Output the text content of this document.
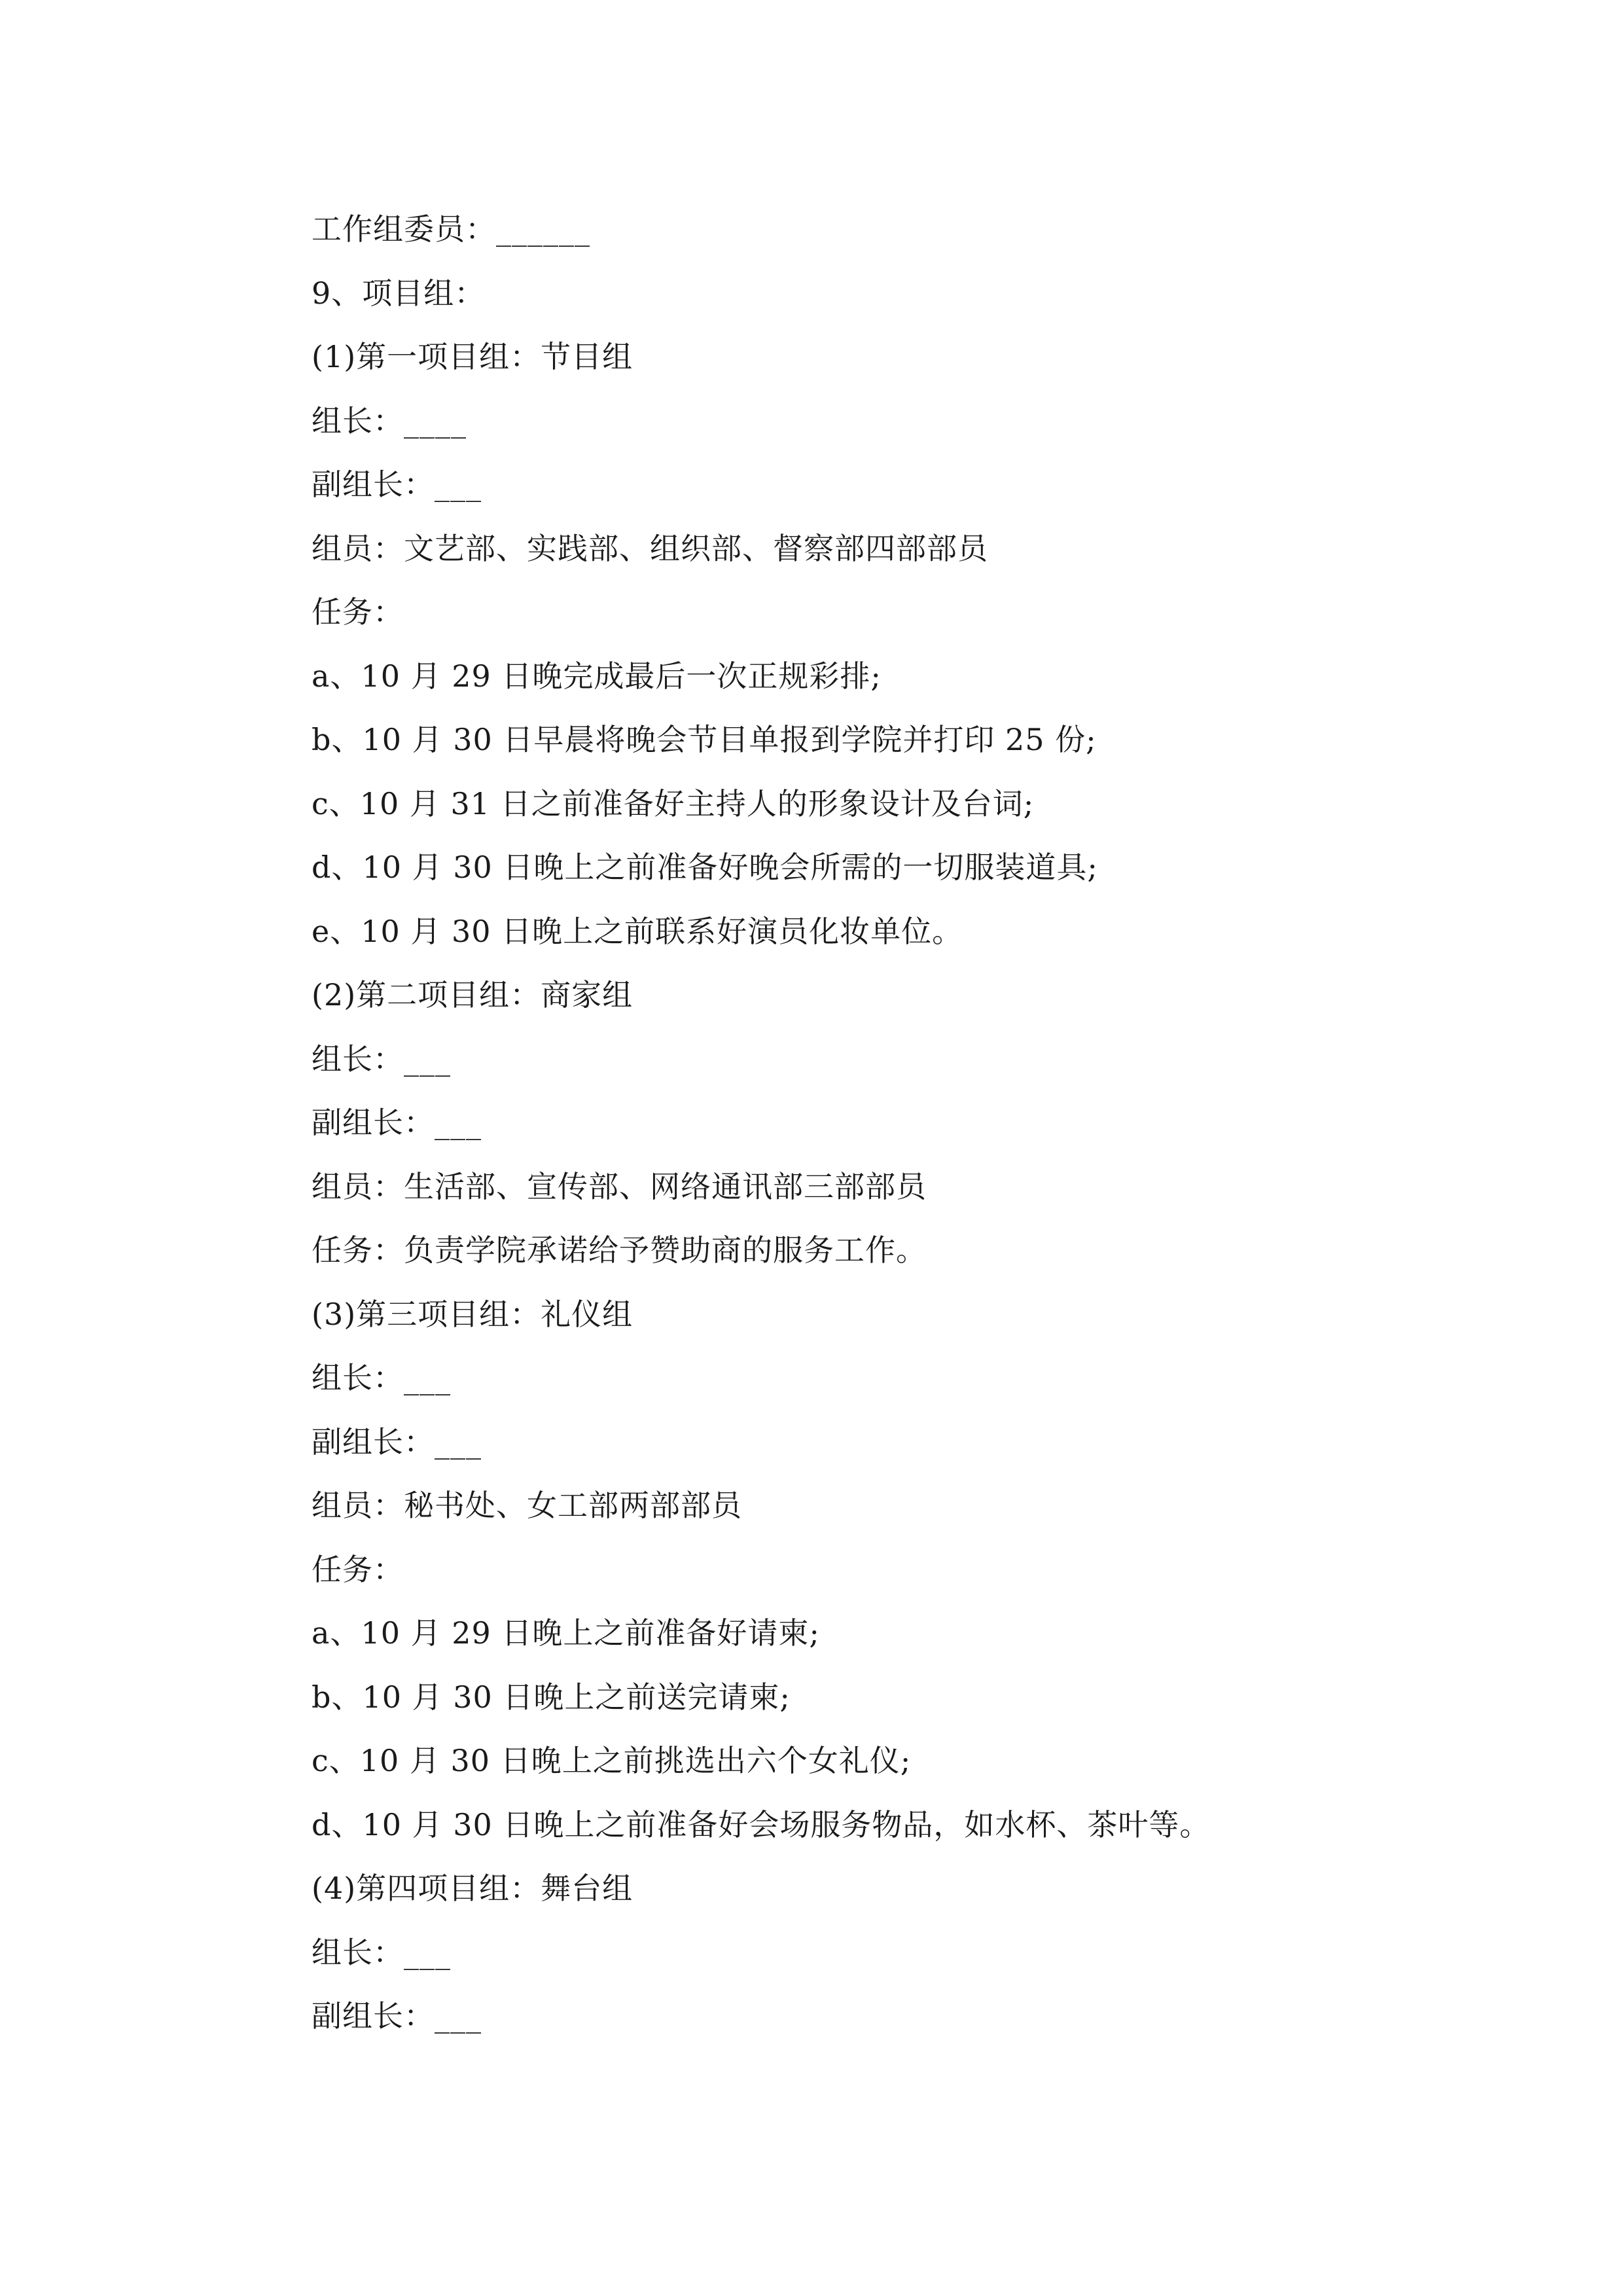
工作组委员：______
9、项目组：
(1)第一项目组：节目组
组长：____
副组长：___
组员：文艺部、实践部、组织部、督察部四部部员
任务：
a、10 月 29 日晚完成最后一次正规彩排;
b、10 月 30 日早晨将晚会节目单报到学院并打印 25 份;
c、10 月 31 日之前准备好主持人的形象设计及台词;
d、10 月 30 日晚上之前准备好晚会所需的一切服装道具;
e、10 月 30 日晚上之前联系好演员化妆单位。
(2)第二项目组：商家组
组长：___
副组长：___
组员：生活部、宣传部、网络通讯部三部部员
任务：负责学院承诺给予赞助商的服务工作。
(3)第三项目组：礼仪组
组长：___
副组长：___
组员：秘书处、女工部两部部员
任务：
a、10 月 29 日晚上之前准备好请柬;
b、10 月 30 日晚上之前送完请柬;
c、10 月 30 日晚上之前挑选出六个女礼仪;
d、10 月 30 日晚上之前准备好会场服务物品，如水杯、茶叶等。
(4)第四项目组：舞台组
组长：___
副组长：___
